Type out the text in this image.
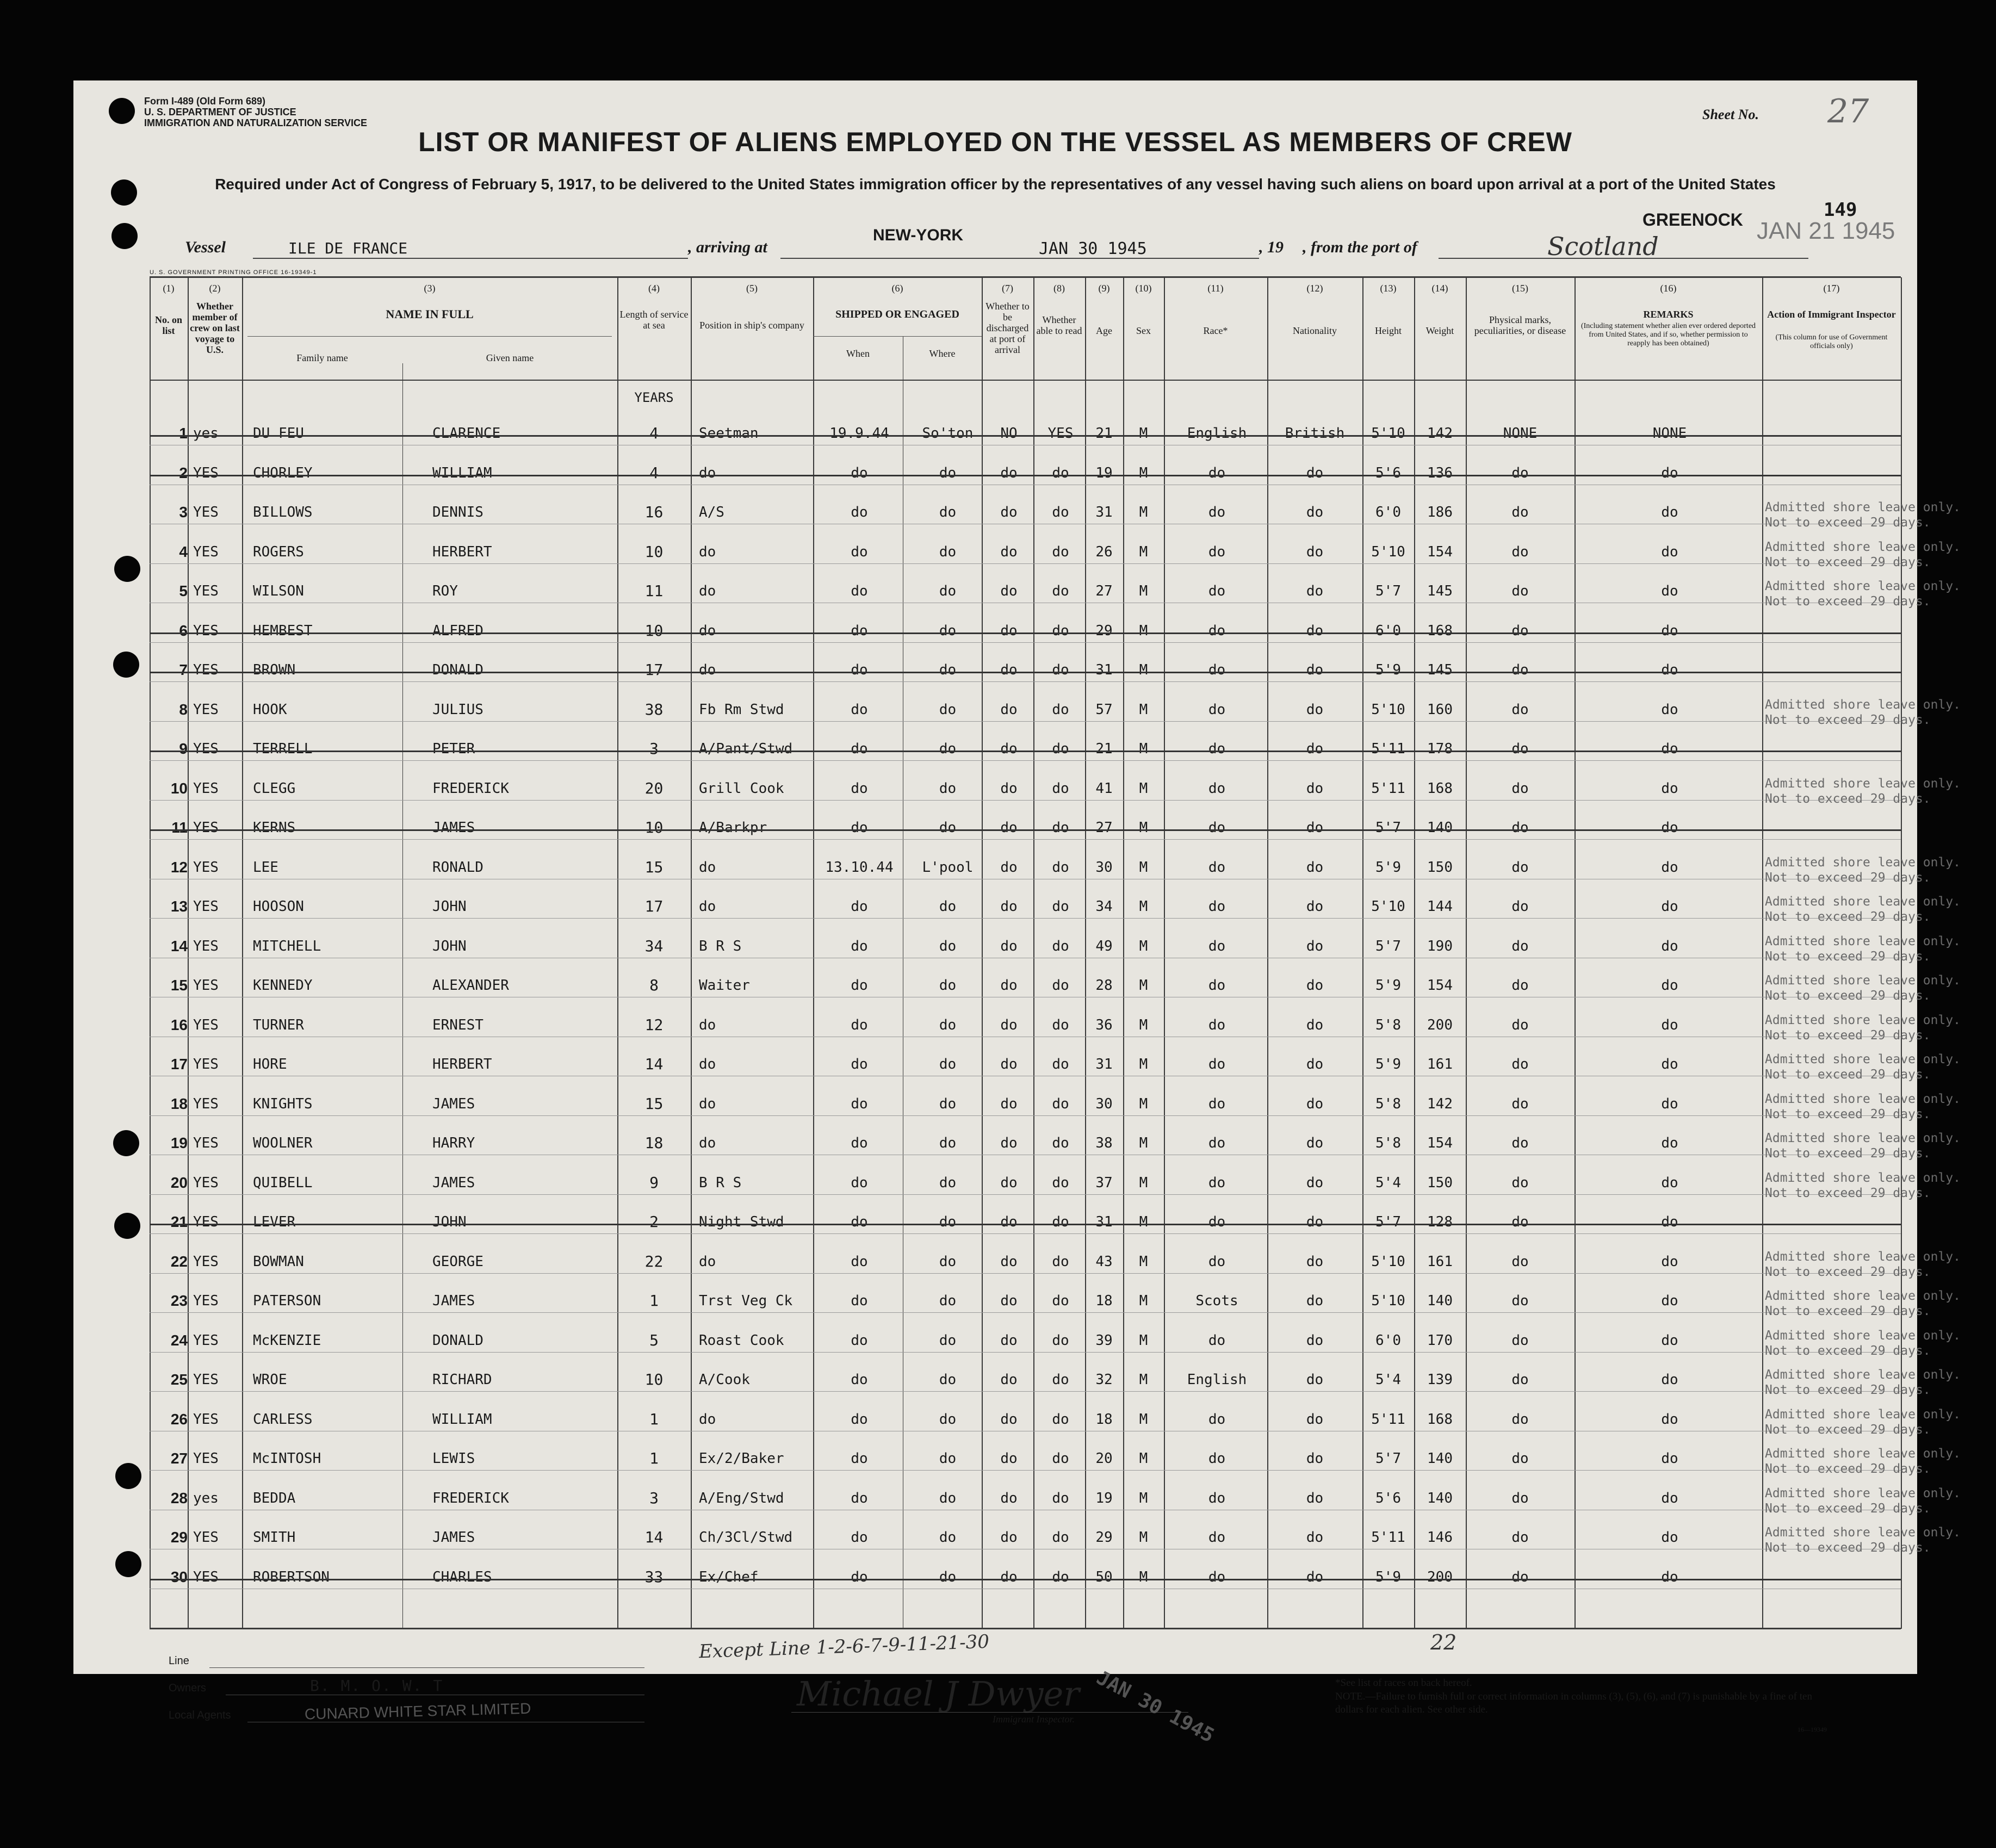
Form I-489 (Old Form 689)
U. S. DEPARTMENT OF JUSTICE
IMMIGRATION AND NATURALIZATION SERVICE
Sheet No. 27
LIST OR MANIFEST OF ALIENS EMPLOYED ON THE VESSEL AS MEMBERS OF CREW
Required under Act of Congress of February 5, 1917, to be delivered to the United States immigration officer by the representatives of any vessel having such aliens on board upon arrival at a port of the United States
149
JAN 21 1945
Vessel	ILE DE FRANCE	, arriving at
NEW-YORK
JAN 30 1945	, 19 , from the port of
GREENOCK
Scotland
U. S. GOVERNMENT PRINTING OFFICE 16-19349-1
(1)	(2)	(3)	(4)	(5)	(6)	(7)	(8)	(9)	(10)	(11)	(12)	(13)	(14)	(15)	(16)	(17)
No. on list
Whether member of crew on last voyage to U.S.
NAME IN FULL
Family name	Given name
Length of service at sea	Position in ship's company
SHIPPED OR ENGAGED
When	Where
Whether to be discharged at port of arrival
Whether able to read	Age	Sex	Race*	Nationality	Height	Weight
Physical marks, peculiarities, or disease
REMARKS
(Including statement whether alien ever ordered deported from United States, and if so, whether permission to reapply has been obtained)
Action of Immigrant Inspector
(This column for use of Government officials only)
YEARS
1 yes	DU FEU	CLARENCE	4	Seetman	19.9.44	So'ton	NO	YES	21	M	English	British	5'10	142	NONE	NONE
2 YES	CHORLEY	WILLIAM	4	do	do	do	do	do	19	M	do	do	5'6	136	do	do
3 YES	BILLOWS	DENNIS	16	A/S	do	do	do	do	31	M	do	do	6'0	186	do	do	Admitted shore leave only.
Not to exceed 29 days.
4 YES	ROGERS	HERBERT	10	do	do	do	do	do	26	M	do	do	5'10	154	do	do	Admitted shore leave only.
Not to exceed 29 days.
5 YES	WILSON	ROY	11	do	do	do	do	do	27	M	do	do	5'7	145	do	do	Admitted shore leave only.
Not to exceed 29 days.
6 YES	HEMBEST	ALFRED	10	do	do	do	do	do	29	M	do	do	6'0	168	do	do
7 YES	BROWN	DONALD	17	do	do	do	do	do	31	M	do	do	5'9	145	do	do
8 YES	HOOK	JULIUS	38	Fb Rm Stwd	do	do	do	do	57	M	do	do	5'10	160	do	do	Admitted shore leave only.
Not to exceed 29 days.
9 YES	TERRELL	PETER	3	A/Pant/Stwd	do	do	do	do	21	M	do	do	5'11	178	do	do
10 YES	CLEGG	FREDERICK	20	Grill Cook	do	do	do	do	41	M	do	do	5'11	168	do	do	Admitted shore leave only.
Not to exceed 29 days.
11 YES	KERNS	JAMES	10	A/Barkpr	do	do	do	do	27	M	do	do	5'7	140	do	do
12 YES	LEE	RONALD	15	do	13.10.44	L'pool	do	do	30	M	do	do	5'9	150	do	do	Admitted shore leave only.
Not to exceed 29 days.
13 YES	HOOSON	JOHN	17	do	do	do	do	do	34	M	do	do	5'10	144	do	do	Admitted shore leave only.
Not to exceed 29 days.
14 YES	MITCHELL	JOHN	34	B R S	do	do	do	do	49	M	do	do	5'7	190	do	do	Admitted shore leave only.
Not to exceed 29 days.
15 YES	KENNEDY	ALEXANDER	8	Waiter	do	do	do	do	28	M	do	do	5'9	154	do	do	Admitted shore leave only.
Not to exceed 29 days.
16 YES	TURNER	ERNEST	12	do	do	do	do	do	36	M	do	do	5'8	200	do	do	Admitted shore leave only.
Not to exceed 29 days.
17 YES	HORE	HERBERT	14	do	do	do	do	do	31	M	do	do	5'9	161	do	do	Admitted shore leave only.
Not to exceed 29 days.
18 YES	KNIGHTS	JAMES	15	do	do	do	do	do	30	M	do	do	5'8	142	do	do	Admitted shore leave only.
Not to exceed 29 days.
19 YES	WOOLNER	HARRY	18	do	do	do	do	do	38	M	do	do	5'8	154	do	do	Admitted shore leave only.
Not to exceed 29 days.
20 YES	QUIBELL	JAMES	9	B R S	do	do	do	do	37	M	do	do	5'4	150	do	do	Admitted shore leave only.
Not to exceed 29 days.
21 YES	LEVER	JOHN	2	Night Stwd	do	do	do	do	31	M	do	do	5'7	128	do	do
22 YES	BOWMAN	GEORGE	22	do	do	do	do	do	43	M	do	do	5'10	161	do	do	Admitted shore leave only.
Not to exceed 29 days.
23 YES	PATERSON	JAMES	1	Trst Veg Ck	do	do	do	do	18	M	Scots	do	5'10	140	do	do	Admitted shore leave only.
Not to exceed 29 days.
24 YES	McKENZIE	DONALD	5	Roast Cook	do	do	do	do	39	M	do	do	6'0	170	do	do	Admitted shore leave only.
Not to exceed 29 days.
25 YES	WROE	RICHARD	10	A/Cook	do	do	do	do	32	M	English	do	5'4	139	do	do	Admitted shore leave only.
Not to exceed 29 days.
26 YES	CARLESS	WILLIAM	1	do	do	do	do	do	18	M	do	do	5'11	168	do	do	Admitted shore leave only.
Not to exceed 29 days.
27 YES	McINTOSH	LEWIS	1	Ex/2/Baker	do	do	do	do	20	M	do	do	5'7	140	do	do	Admitted shore leave only.
Not to exceed 29 days.
28 yes	BEDDA	FREDERICK	3	A/Eng/Stwd	do	do	do	do	19	M	do	do	5'6	140	do	do	Admitted shore leave only.
Not to exceed 29 days.
29 YES	SMITH	JAMES	14	Ch/3Cl/Stwd	do	do	do	do	29	M	do	do	5'11	146	do	do	Admitted shore leave only.
Not to exceed 29 days.
30 YES	ROBERTSON	CHARLES	33	Ex/Chef	do	do	do	do	50	M	do	do	5'9	200	do	do
Line
Owners	B. M. O. W. T
Local Agents	CUNARD WHITE STAR LIMITED
Except Line 1-2-6-7-9-11-21-30	22
Michael J Dwyer
Immigrant Inspector. JAN 30 1945	*See list of races on back hereof.
NOTE.—Failure to furnish full or correct information in columns (3), (5), (6), and (7) is punishable by a fine of ten dollars for each alien. See other side.
16—19349
